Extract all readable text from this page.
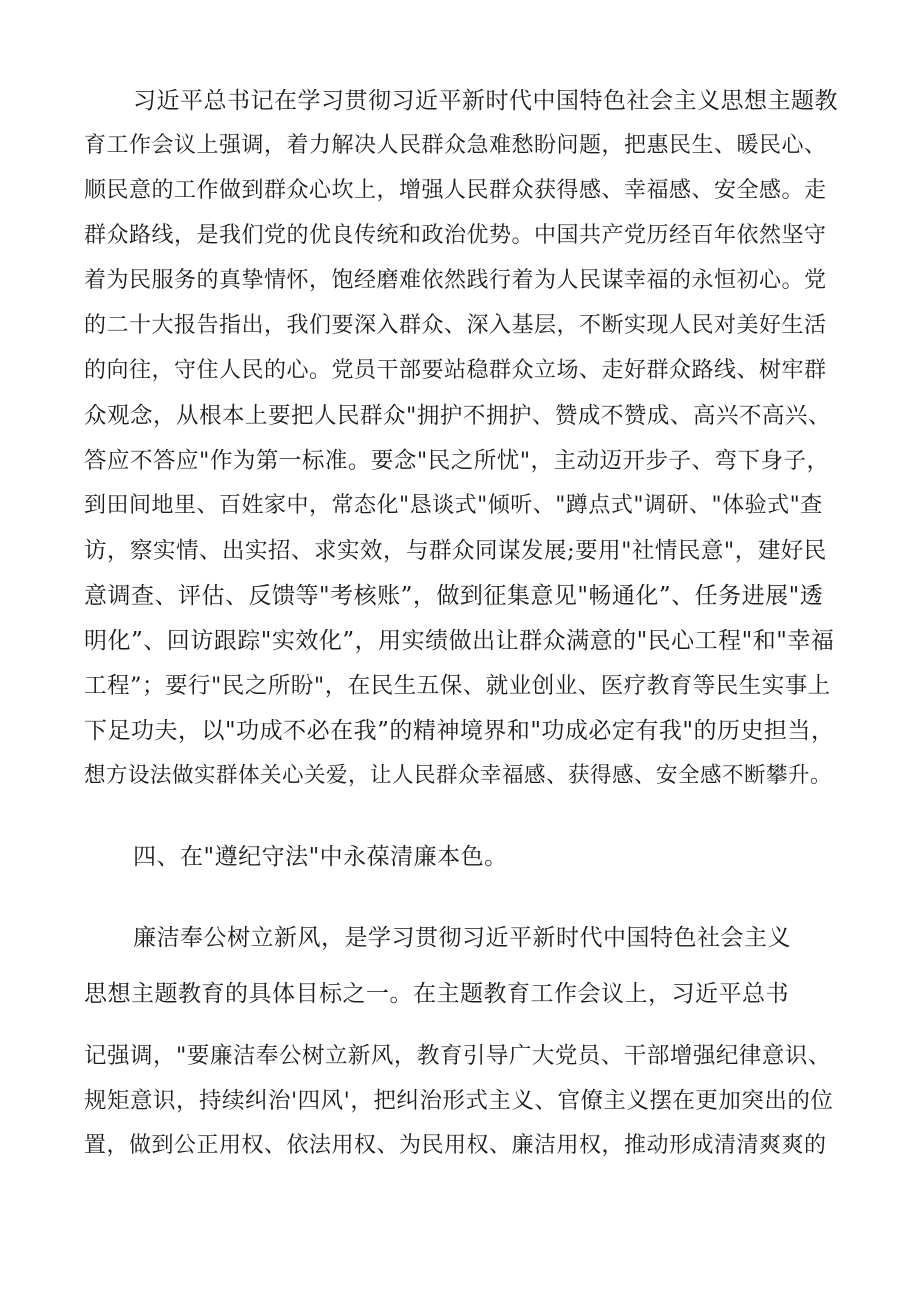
习近平总书记在学习贯彻习近平新时代中国特色社会主义思想主题教
育工作会议上强调，着力解决人民群众急难愁盼问题，把惠民生、暖民心、
顺民意的工作做到群众心坎上，增强人民群众获得感、幸福感、安全感。走
群众路线，是我们党的优良传统和政治优势。中国共产党历经百年依然坚守
着为民服务的真挚情怀，饱经磨难依然践行着为人民谋幸福的永恒初心。党
的二十大报告指出，我们要深入群众、深入基层，不断实现人民对美好生活
的向往，守住人民的心。党员干部要站稳群众立场、走好群众路线、树牢群
众观念，从根本上要把人民群众"拥护不拥护、赞成不赞成、高兴不高兴、
答应不答应"作为第一标准。要念"民之所忧"，主动迈开步子、弯下身子，
到田间地里、百姓家中，常态化"恳谈式"倾听、"蹲点式"调研、"体验式"查
访，察实情、出实招、求实效，与群众同谋发展;要用"社情民意"，建好民
意调查、评估、反馈等"考核账”，做到征集意见"畅通化”、任务进展"透
明化”、回访跟踪"实效化”，用实绩做出让群众满意的"民心工程"和"幸福
工程”；要行"民之所盼"，在民生五保、就业创业、医疗教育等民生实事上
下足功夫，以"功成不必在我”的精神境界和"功成必定有我"的历史担当，
想方设法做实群体关心关爱，让人民群众幸福感、获得感、安全感不断攀升。
四、在"遵纪守法"中永葆清廉本色。
廉洁奉公树立新风，是学习贯彻习近平新时代中国特色社会主义
思想主题教育的具体目标之一。在主题教育工作会议上，习近平总书
记强调，"要廉洁奉公树立新风，教育引导广大党员、干部增强纪律意识、
规矩意识，持续纠治'四风'，把纠治形式主义、官僚主义摆在更加突出的位
置，做到公正用权、依法用权、为民用权、廉洁用权，推动形成清清爽爽的
